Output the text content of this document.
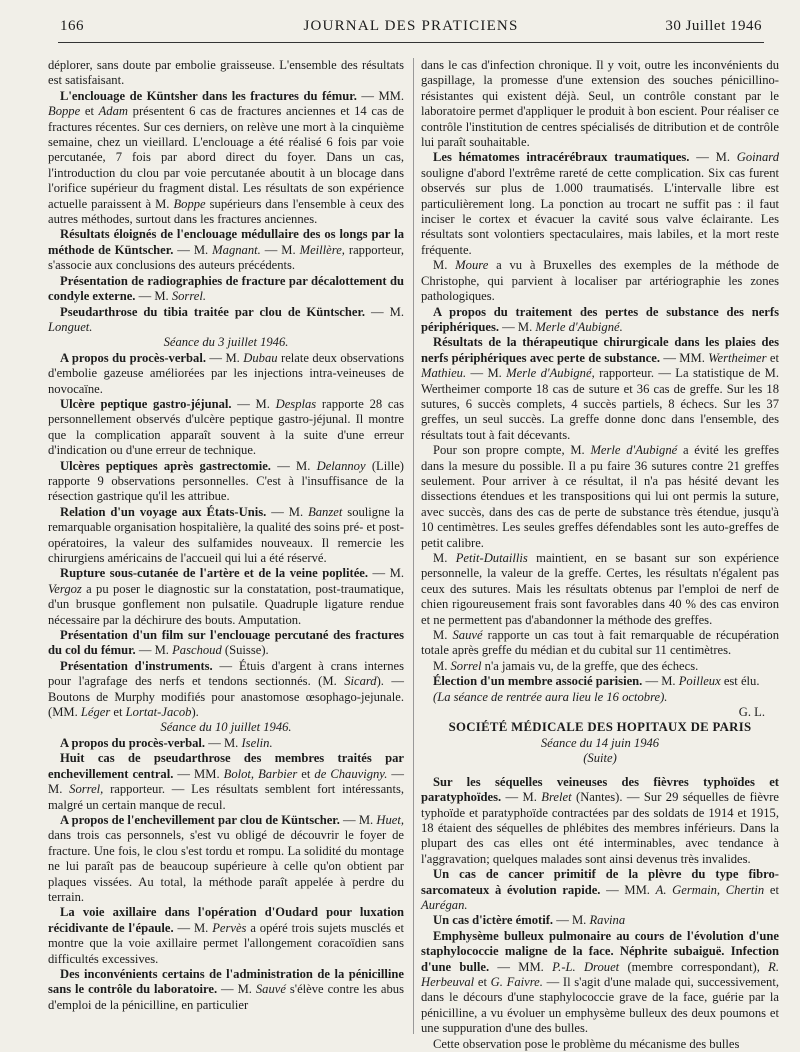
166	JOURNAL DES PRATICIENS	30 Juillet 1946

déplorer, sans doute par embolie graisseuse. L'ensemble des résultats est satisfaisant.

L'enclouage de Küntsher dans les fractures du fémur. — MM. Boppe et Adam présentent 6 cas de fractures anciennes et 14 cas de fractures récentes. Sur ces derniers, on relève une mort à la cinquième semaine, chez un vieillard. L'enclouage a été réalisé 6 fois par voie percutanée, 7 fois par abord direct du foyer. Dans un cas, l'introduction du clou par voie percutanée aboutit à un blocage dans l'orifice supérieur du fragment distal. Les résultats de son expérience actuelle paraissent à M. Boppe supérieurs dans l'ensemble à ceux des autres méthodes, surtout dans les fractures anciennes.

Résultats éloignés de l'enclouage médullaire des os longs par la méthode de Küntscher. — M. Magnant. — M. Meillère, rapporteur, s'associe aux conclusions des auteurs précédents.

Présentation de radiographies de fracture par décalottement du condyle externe. — M. Sorrel.

Pseudarthrose du tibia traitée par clou de Küntscher. — M. Longuet.

Séance du 3 juillet 1946.

A propos du procès-verbal. — M. Dubau relate deux observations d'embolie gazeuse améliorées par les injections intra-veineuses de novocaïne.

Ulcère peptique gastro-jéjunal. — M. Desplas rapporte 28 cas personnellement observés d'ulcère peptique gastro-jéjunal. Il montre que la complication apparaît souvent à la suite d'une erreur d'indication ou d'une erreur de technique.

Ulcères peptiques après gastrectomie. — M. Delannoy (Lille) rapporte 9 observations personnelles. C'est à l'insuffisance de la résection gastrique qu'il les attribue.

Relation d'un voyage aux États-Unis. — M. Banzet souligne la remarquable organisation hospitalière, la qualité des soins pré- et post-opératoires, la valeur des sulfamides nouveaux. Il remercie les chirurgiens américains de l'accueil qui lui a été réservé.

Rupture sous-cutanée de l'artère et de la veine poplitée. — M. Vergoz a pu poser le diagnostic sur la constatation, post-traumatique, d'un brusque gonflement non pulsatile. Quadruple ligature rendue nécessaire par la déchirure des bouts. Amputation.

Présentation d'un film sur l'enclouage percutané des fractures du col du fémur. — M. Paschoud (Suisse).

Présentation d'instruments. — Étuis d'argent à crans internes pour l'agrafage des nerfs et tendons sectionnés. (M. Sicard). — Boutons de Murphy modifiés pour anastomose œsophago-jejunale. (MM. Léger et Lortat-Jacob).

Séance du 10 juillet 1946.

A propos du procès-verbal. — M. Iselin.

Huit cas de pseudarthrose des membres traités par enchevillement central. — MM. Bolot, Barbier et de Chauvigny. — M. Sorrel, rapporteur. — Les résultats semblent fort intéressants, malgré un certain manque de recul.

A propos de l'enchevillement par clou de Küntscher. — M. Huet, dans trois cas personnels, s'est vu obligé de découvrir le foyer de fracture. Une fois, le clou s'est tordu et rompu. La solidité du montage ne lui paraît pas de beaucoup supérieure à celle qu'on obtient par plaques vissées. Au total, la méthode paraît appelée à perdre du terrain.

La voie axillaire dans l'opération d'Oudard pour luxation récidivante de l'épaule. — M. Pervès a opéré trois sujets musclés et montre que la voie axillaire permet l'allongement coracoïdien sans difficultés excessives.

Des inconvénients certains de l'administration de la pénicilline sans le contrôle du laboratoire. — M. Sauvé s'élève contre les abus d'emploi de la pénicilline, en particulier

dans le cas d'infection chronique. Il y voit, outre les inconvénients du gaspillage, la promesse d'une extension des souches pénicillino-résistantes qui existent déjà. Seul, un contrôle constant par le laboratoire permet d'appliquer le produit à bon escient. Pour réaliser ce contrôle l'institution de centres spécialisés de ditribution et de contrôle lui paraît souhaitable.

Les hématomes intracérébraux traumatiques. — M. Goinard souligne d'abord l'extrême rareté de cette complication. Six cas furent observés sur plus de 1.000 traumatisés. L'intervalle libre est particulièrement long. La ponction au trocart ne suffit pas : il faut inciser le cortex et évacuer la cavité sous valve éclairante. Les résultats sont volontiers spectaculaires, mais labiles, et la mort reste fréquente.

M. Moure a vu à Bruxelles des exemples de la méthode de Christophe, qui parvient à localiser par artériographie les zones pathologiques.

A propos du traitement des pertes de substance des nerfs périphériques. — M. Merle d'Aubigné.

Résultats de la thérapeutique chirurgicale dans les plaies des nerfs périphériques avec perte de substance. — MM. Wertheimer et Mathieu. — M. Merle d'Aubigné, rapporteur. — La statistique de M. Wertheimer comporte 18 cas de suture et 36 cas de greffe. Sur les 18 sutures, 6 succès complets, 4 succès partiels, 8 échecs. Sur les 37 greffes, un seul succès. La greffe donne donc dans l'ensemble, des résultats tout à fait décevants.

Pour son propre compte, M. Merle d'Aubigné a évité les greffes dans la mesure du possible. Il a pu faire 36 sutures contre 21 greffes seulement. Pour arriver à ce résultat, il n'a pas hésité devant les dissections étendues et les transpositions qui lui ont permis la suture, avec succès, dans des cas de perte de substance très étendue, jusqu'à 10 centimètres. Les seules greffes défendables sont les auto-greffes de petit calibre.

M. Petit-Dutaillis maintient, en se basant sur son expérience personnelle, la valeur de la greffe. Certes, les résultats n'égalent pas ceux des sutures. Mais les résultats obtenus par l'emploi de nerf de chien rigoureusement frais sont favorables dans 40 % des cas environ et ne permettent pas d'abandonner la méthode des greffes.

M. Sauvé rapporte un cas tout à fait remarquable de récupération totale après greffe du médian et du cubital sur 11 centimètres.

M. Sorrel n'a jamais vu, de la greffe, que des échecs.

Élection d'un membre associé parisien. — M. Poilleux est élu.

(La séance de rentrée aura lieu le 16 octobre).

G. L.

SOCIÉTÉ MÉDICALE DES HOPITAUX DE PARIS

Séance du 14 juin 1946

(Suite)

Sur les séquelles veineuses des fièvres typhoïdes et paratyphoïdes. — M. Brelet (Nantes). — Sur 29 séquelles de fièvre typhoïde et paratyphoïde contractées par des soldats de 1914 et 1915, 18 étaient des séquelles de phlébites des membres inférieurs. Dans la plupart des cas elles ont été interminables, avec tendance à l'aggravation; quelques malades sont ainsi devenus très invalides.

Un cas de cancer primitif de la plèvre du type fibro-sarcomateux à évolution rapide. — MM. A. Germain, Chertin et Aurégan.

Un cas d'ictère émotif. — M. Ravina

Emphysème bulleux pulmonaire au cours de l'évolution d'une staphylococcie maligne de la face. Néphrite subaiguë. Infection d'une bulle. — MM. P.-L. Drouet (membre correspondant), R. Herbeuval et G. Faivre. — Il s'agit d'une malade qui, successivement, dans le décours d'une staphylococcie grave de la face, guérie par la pénicilline, a vu évoluer un emphysème bulleux des deux poumons et une suppuration d'une des bulles.

Cette observation pose le problème du mécanisme des bulles
